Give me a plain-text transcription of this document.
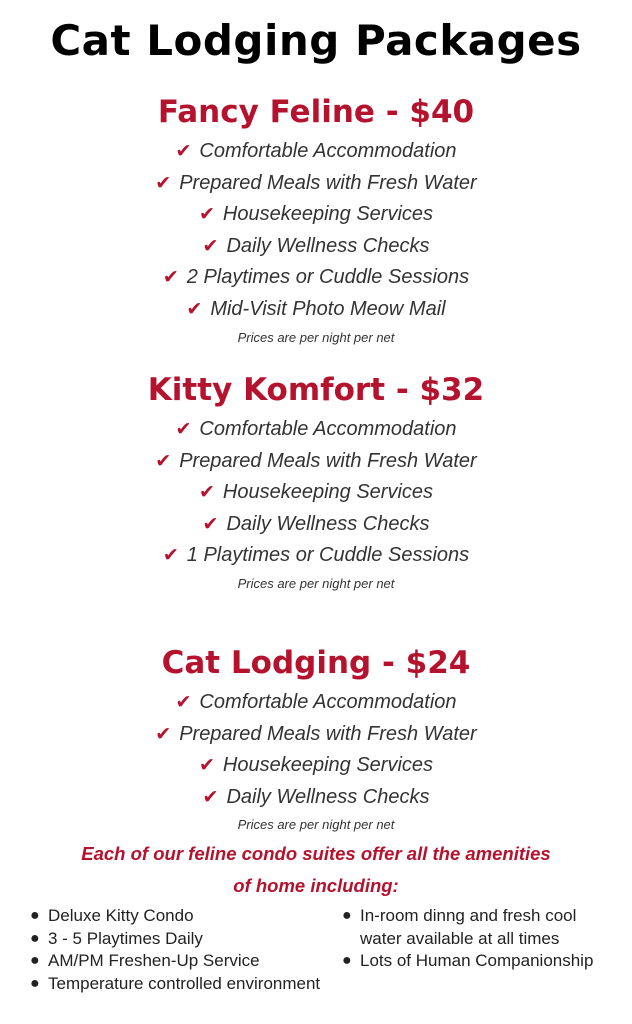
Cat Lodging Packages
Fancy Feline - $40
✔ Comfortable Accommodation
✔ Prepared Meals with Fresh Water
✔ Housekeeping Services
✔ Daily Wellness Checks
✔ 2 Playtimes or Cuddle Sessions
✔ Mid-Visit Photo Meow Mail
Prices are per night per net
Kitty Komfort - $32
✔ Comfortable Accommodation
✔ Prepared Meals with Fresh Water
✔ Housekeeping Services
✔ Daily Wellness Checks
✔ 1 Playtimes or Cuddle Sessions
Prices are per night per net
Cat Lodging - $24
✔ Comfortable Accommodation
✔ Prepared Meals with Fresh Water
✔ Housekeeping Services
✔ Daily Wellness Checks
Prices are per night per net
Each of our feline condo suites offer all the amenities
of home including:
● Deluxe Kitty Condo
● 3 - 5 Playtimes Daily
● AM/PM Freshen-Up Service
● Temperature controlled environment
● In-room dinng and fresh cool
water available at all times
● Lots of Human Companionship
